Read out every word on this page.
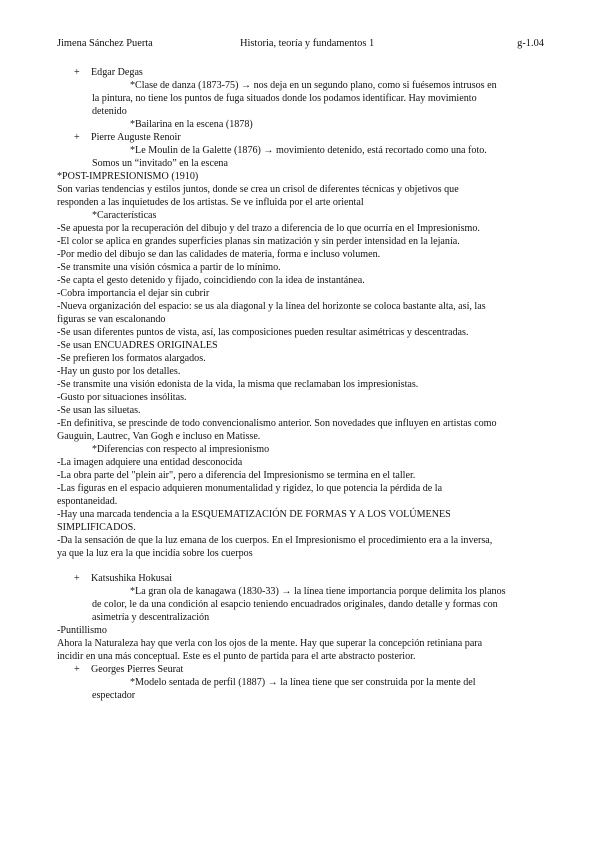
Jimena Sánchez Puerta	Historia, teoría y fundamentos 1	g-1.04
+ Edgar Degas
*Clase de danza (1873-75) → nos deja en un segundo plano, como si fuésemos intrusos en
la pintura, no tiene los puntos de fuga situados donde los podamos identificar. Hay movimiento
detenido
*Bailarina en la escena (1878)
+ Pierre Auguste Renoir
*Le Moulin de la Galette (1876) → movimiento detenido, está recortado como una foto.
Somos un “invitado” en la escena
*POST-IMPRESIONISMO (1910)
Son varias tendencias y estilos juntos, donde se crea un crisol de diferentes técnicas y objetivos que
responden a las inquietudes de los artistas. Se ve influida por el arte oriental
*Características
-Se apuesta por la recuperación del dibujo y del trazo a diferencia de lo que ocurría en el Impresionismo.
-El color se aplica en grandes superficies planas sin matización y sin perder intensidad en la lejanía.
-Por medio del dibujo se dan las calidades de materia, forma e incluso volumen.
-Se transmite una visión cósmica a partir de lo mínimo.
-Se capta el gesto detenido y fijado, coincidiendo con la idea de instantánea.
-Cobra importancia el dejar sin cubrir
-Nueva organización del espacio: se us ala diagonal y la línea del horizonte se coloca bastante alta, así, las
figuras se van escalonando
-Se usan diferentes puntos de vista, así, las composiciones pueden resultar asimétricas y descentradas.
-Se usan ENCUADRES ORIGINALES
-Se prefieren los formatos alargados.
-Hay un gusto por los detalles.
-Se transmite una visión edonista de la vida, la misma que reclamaban los impresionistas.
-Gusto por situaciones insólitas.
-Se usan las siluetas.
-En definitiva, se prescinde de todo convencionalismo anterior. Son novedades que influyen en artistas como
Gauguin, Lautrec, Van Gogh e incluso en Matisse.
*Diferencias con respecto al impresionismo
-La imagen adquiere una entidad desconocida
-La obra parte del "plein air", pero a diferencia del Impresionismo se termina en el taller.
-Las figuras en el espacio adquieren monumentalidad y rigidez, lo que potencia la pérdida de la
espontaneidad.
-Hay una marcada tendencia a la ESQUEMATIZACIÓN DE FORMAS Y A LOS VOLÚMENES
SIMPLIFICADOS.
-Da la sensación de que la luz emana de los cuerpos. En el Impresionismo el procedimiento era a la inversa,
ya que la luz era la que incidía sobre los cuerpos
+ Katsushika Hokusai
*La gran ola de kanagawa (1830-33) → la línea tiene importancia porque delimita los planos
de color, le da una condición al esapcio teniendo encuadrados originales, dando detalle y formas con
asimetría y descentralización
-Puntillismo
Ahora la Naturaleza hay que verla con los ojos de la mente. Hay que superar la concepción retiniana para
incidir en una más conceptual. Este es el punto de partida para el arte abstracto posterior.
+ Georges Pierres Seurat
*Modelo sentada de perfil (1887) → la línea tiene que ser construida por la mente del
espectador
